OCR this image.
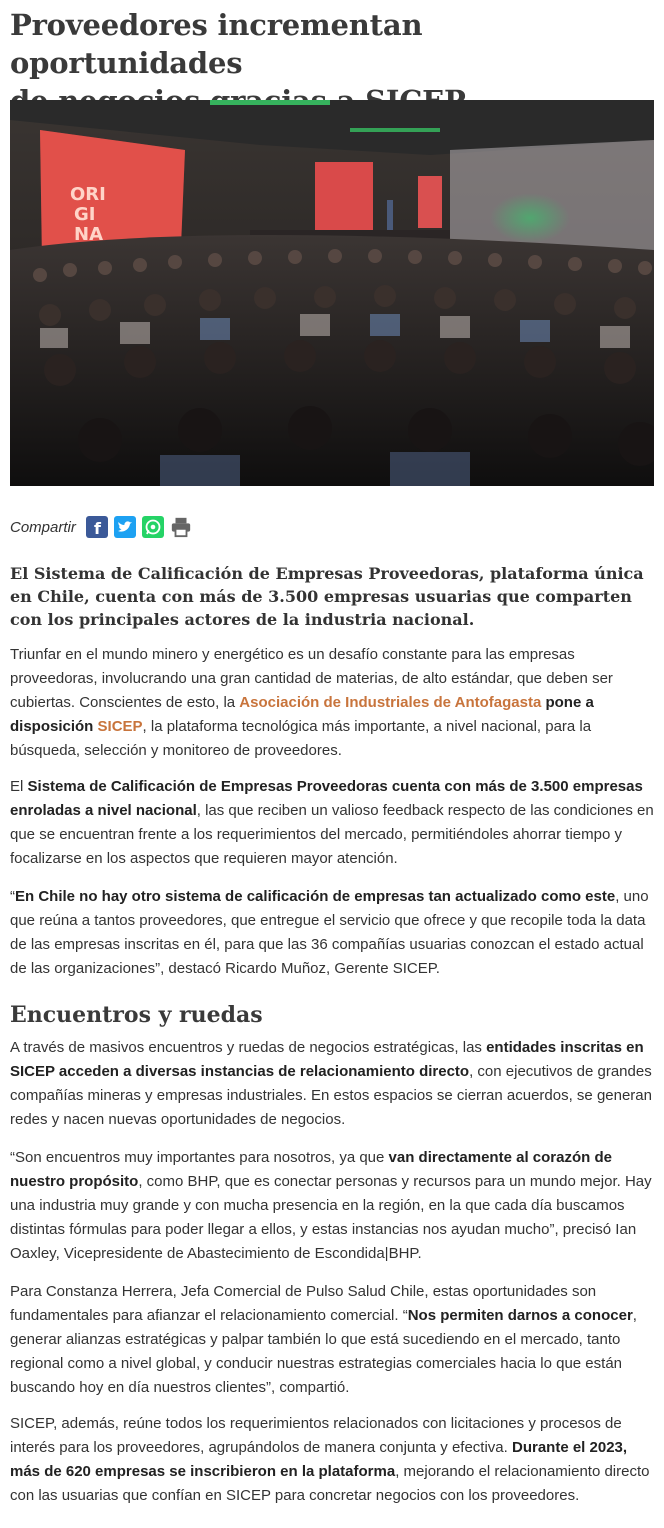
Proveedores incrementan oportunidades

ORI
GI
NA
Compartir f

El Sistema de Calificación de Empresas Proveedoras, plataforma única en Chile, cuenta con más de 3.500 empresas usuarias que comparten con los principales actores de la industria nacional.

Triunfar en el mundo minero y energético es un desafío constante para las empresas proveedoras, involucrando una gran cantidad de materias, de alto estándar, que deben ser cubiertas. Conscientes de esto, la Asociación de Industriales de Antofagasta pone a disposición SICEP, la plataforma tecnológica más importante, a nivel nacional, para la búsqueda, selección y monitoreo de proveedores.

El Sistema de Calificación de Empresas Proveedoras cuenta con más de 3.500 empresas enroladas a nivel nacional, las que reciben un valioso feedback respecto de las condiciones en que se encuentran frente a los requerimientos del mercado, permitiéndoles ahorrar tiempo y focalizarse en los aspectos que requieren mayor atención.

“En Chile no hay otro sistema de calificación de empresas tan actualizado como este, uno que reúna a tantos proveedores, que entregue el servicio que ofrece y que recopile toda la data de las empresas inscritas en él, para que las 36 compañías usuarias conozcan el estado actual de las organizaciones”, destacó Ricardo Muñoz, Gerente SICEP.

Encuentros y ruedas

A través de masivos encuentros y ruedas de negocios estratégicas, las entidades inscritas en SICEP acceden a diversas instancias de relacionamiento directo, con ejecutivos de grandes compañías mineras y empresas industriales. En estos espacios se cierran acuerdos, se generan redes y nacen nuevas oportunidades de negocios.

“Son encuentros muy importantes para nosotros, ya que van directamente al corazón de nuestro propósito, como BHP, que es conectar personas y recursos para un mundo mejor. Hay una industria muy grande y con mucha presencia en la región, en la que cada día buscamos distintas fórmulas para poder llegar a ellos, y estas instancias nos ayudan mucho”, precisó Ian Oaxley, Vicepresidente de Abastecimiento de Escondida|BHP.

Para Constanza Herrera, Jefa Comercial de Pulso Salud Chile, estas oportunidades son fundamentales para afianzar el relacionamiento comercial. “Nos permiten darnos a conocer, generar alianzas estratégicas y palpar también lo que está sucediendo en el mercado, tanto regional como a nivel global, y conducir nuestras estrategias comerciales hacia lo que están buscando hoy en día nuestros clientes”, compartió.

SICEP, además, reúne todos los requerimientos relacionados con licitaciones y procesos de interés para los proveedores, agrupándolos de manera conjunta y efectiva. Durante el 2023, más de 620 empresas se inscribieron en la plataforma, mejorando el relacionamiento directo con las usuarias que confían en SICEP para concretar negocios con los proveedores.
